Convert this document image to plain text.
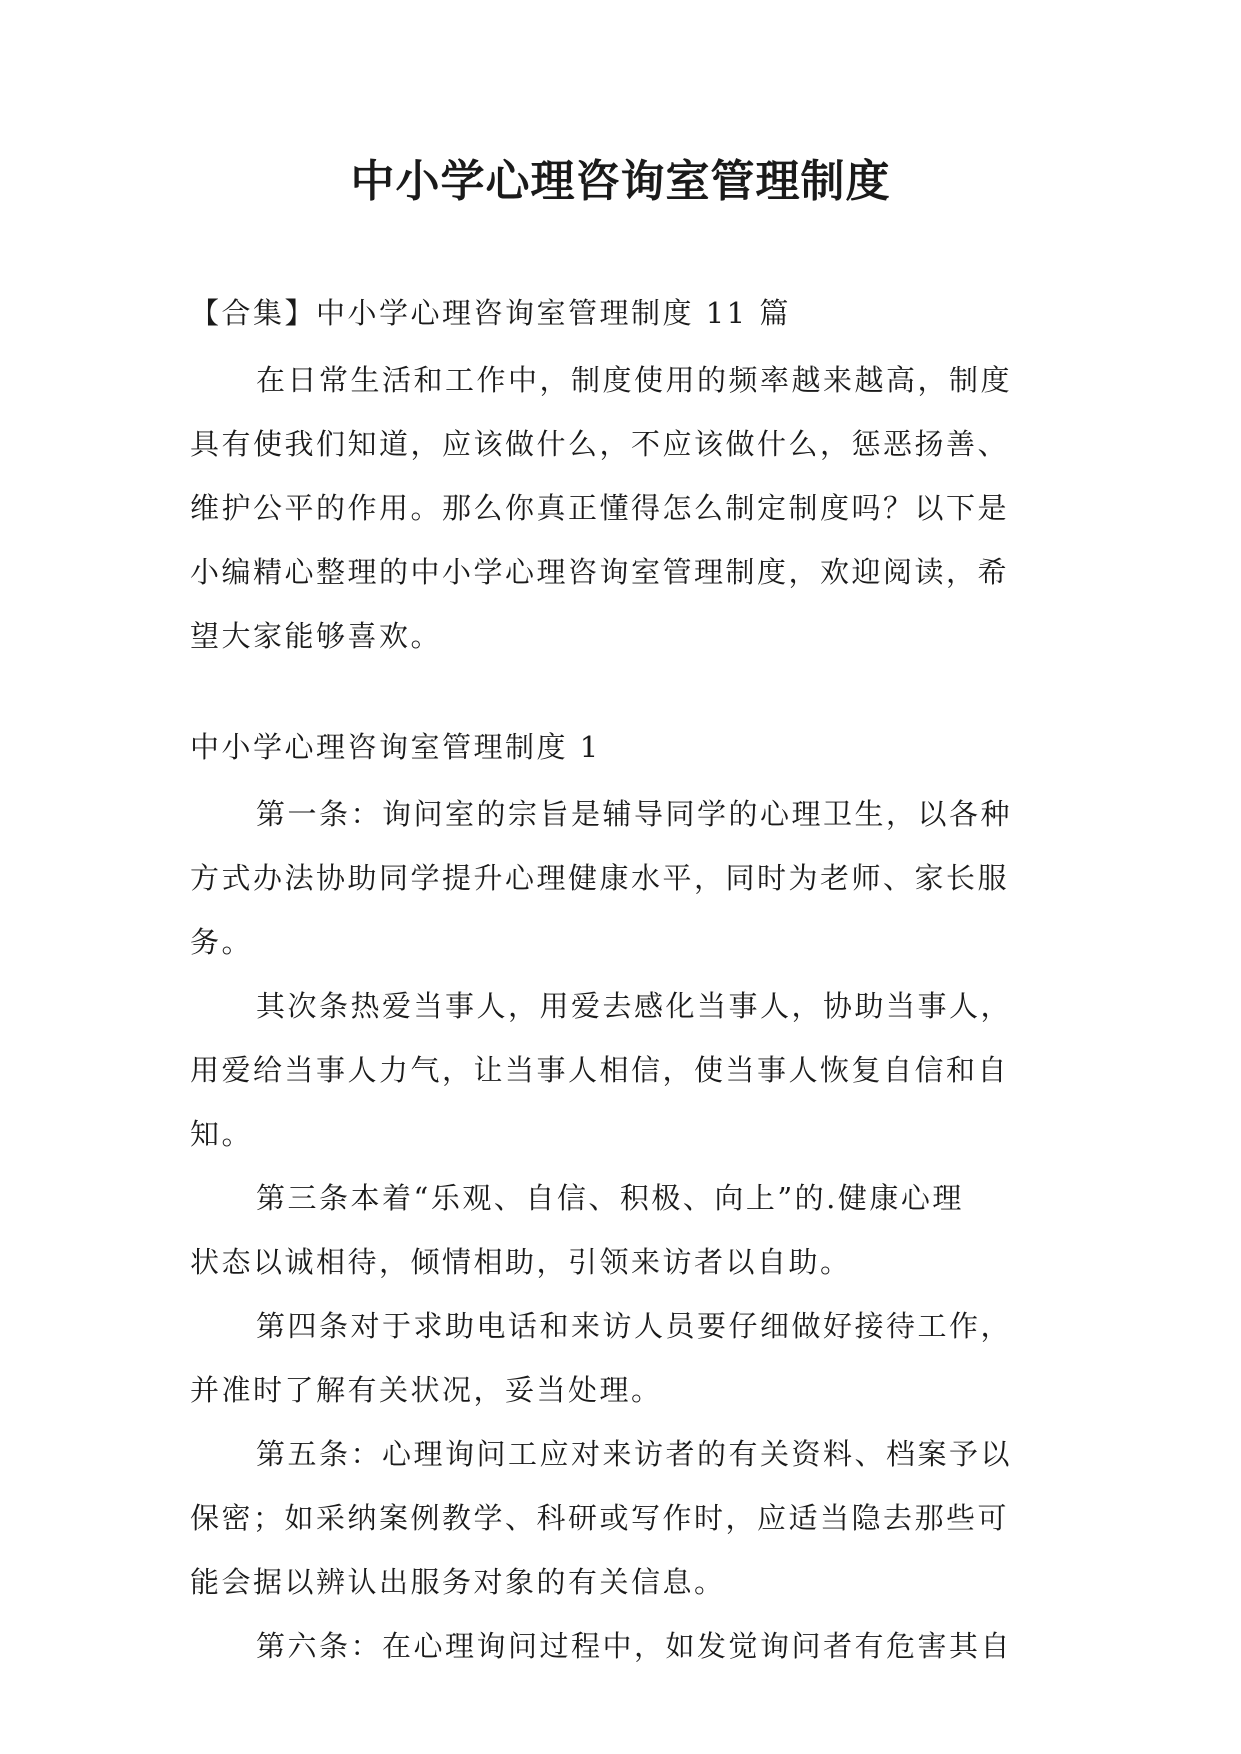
中小学心理咨询室管理制度

【合集】中小学心理咨询室管理制度 11 篇

在日常生活和工作中，制度使用的频率越来越高，制度
具有使我们知道，应该做什么，不应该做什么，惩恶扬善、
维护公平的作用。那么你真正懂得怎么制定制度吗？以下是
小编精心整理的中小学心理咨询室管理制度，欢迎阅读，希
望大家能够喜欢。

中小学心理咨询室管理制度 1

第一条：询问室的宗旨是辅导同学的心理卫生，以各种
方式办法协助同学提升心理健康水平，同时为老师、家长服
务。

其次条热爱当事人，用爱去感化当事人，协助当事人，
用爱给当事人力气，让当事人相信，使当事人恢复自信和自
知。

第三条本着“乐观、自信、积极、向上”的.健康心理
状态以诚相待，倾情相助，引领来访者以自助。

第四条对于求助电话和来访人员要仔细做好接待工作，
并准时了解有关状况，妥当处理。

第五条：心理询问工应对来访者的有关资料、档案予以
保密；如采纳案例教学、科研或写作时，应适当隐去那些可
能会据以辨认出服务对象的有关信息。

第六条：在心理询问过程中，如发觉询问者有危害其自
